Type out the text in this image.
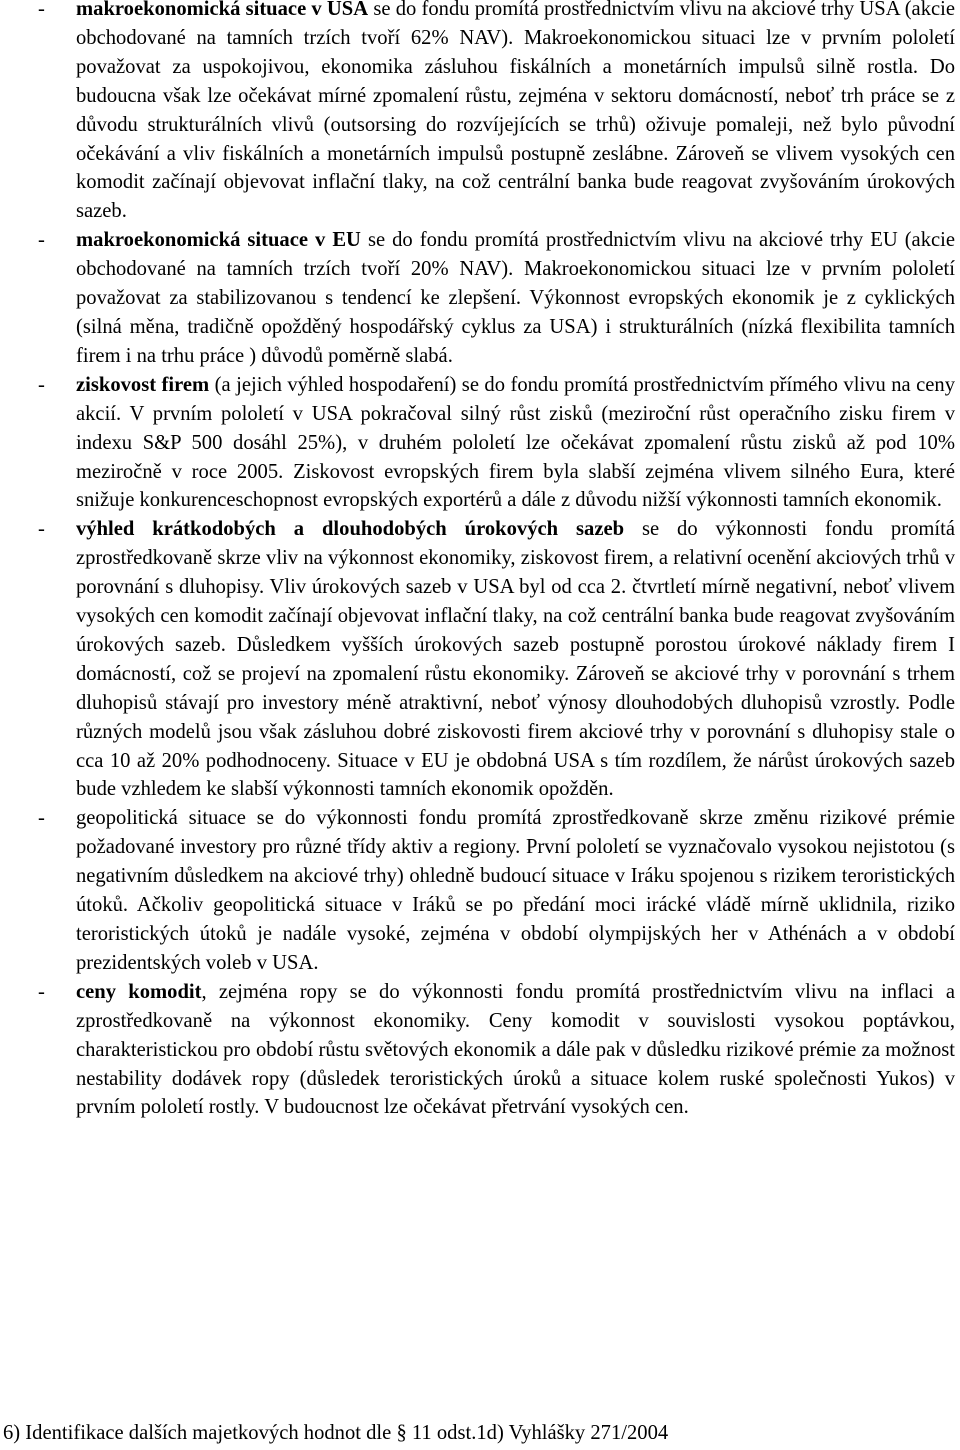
- makroekonomická situace v USA se do fondu promítá prostřednictvím vlivu na akciové trhy USA (akcie obchodované na tamních trzích tvoří 62% NAV). Makroekonomickou situaci lze v prvním pololetí považovat za uspokojivou, ekonomika zásluhou fiskálních a monetárních impulsů silně rostla. Do budoucna však lze očekávat mírné zpomalení růstu, zejména v sektoru domácností, neboť trh práce se z důvodu strukturálních vlivů (outsorsing do rozvíjejících se trhů) oživuje pomaleji, než bylo původní očekávání a vliv fiskálních a monetárních impulsů postupně zeslábne. Zároveň se vlivem vysokých cen komodit začínají objevovat inflační tlaky, na což centrální banka bude reagovat zvyšováním úrokových sazeb.
- makroekonomická situace v EU se do fondu promítá prostřednictvím vlivu na akciové trhy EU (akcie obchodované na tamních trzích tvoří 20% NAV). Makroekonomickou situaci lze v prvním pololetí považovat za stabilizovanou s tendencí ke zlepšení. Výkonnost evropských ekonomik je z cyklických (silná měna, tradičně opožděný hospodářský cyklus za USA) i strukturálních (nízká flexibilita tamních firem i na trhu práce ) důvodů poměrně slabá.
- ziskovost firem (a jejich výhled hospodaření) se do fondu promítá prostřednictvím přímého vlivu na ceny akcií. V prvním pololetí v USA pokračoval silný růst zisků (meziroční růst operačního zisku firem v indexu S&P 500 dosáhl 25%), v druhém pololetí lze očekávat zpomalení růstu zisků až pod 10% meziročně v roce 2005. Ziskovost evropských firem byla slabší zejména vlivem silného Eura, které snižuje konkurenceschopnost evropských exportérů a dále z důvodu nižší výkonnosti tamních ekonomik.
- výhled krátkodobých a dlouhodobých úrokových sazeb se do výkonnosti fondu promítá zprostředkovaně skrze vliv na výkonnost ekonomiky, ziskovost firem, a relativní ocenění akciových trhů v porovnání s dluhopisy. Vliv úrokových sazeb v USA byl od cca 2. čtvrtletí mírně negativní, neboť vlivem vysokých cen komodit začínají objevovat inflační tlaky, na což centrální banka bude reagovat zvyšováním úrokových sazeb. Důsledkem vyšších úrokových sazeb postupně porostou úrokové náklady firem I domácností, což se projeví na zpomalení růstu ekonomiky. Zároveň se akciové trhy v porovnání s trhem dluhopisů stávají pro investory méně atraktivní, neboť výnosy dlouhodobých dluhopisů vzrostly. Podle různých modelů jsou však zásluhou dobré ziskovosti firem akciové trhy v porovnání s dluhopisy stale o cca 10 až 20% podhodnoceny. Situace v EU je obdobná USA s tím rozdílem, že nárůst úrokových sazeb bude vzhledem ke slabší výkonnosti tamních ekonomik opožděn.
- geopolitická situace se do výkonnosti fondu promítá zprostředkovaně skrze změnu rizikové prémie požadované investory pro různé třídy aktiv a regiony. První pololetí se vyznačovalo vysokou nejistotou (s negativním důsledkem na akciové trhy) ohledně budoucí situace v Iráku spojenou s rizikem teroristických útoků. Ačkoliv geopolitická situace v Iráků se po předání moci irácké vládě mírně uklidnila, riziko teroristických útoků je nadále vysoké, zejména v období olympijských her v Athénách a v období prezidentských voleb v USA.
- ceny komodit, zejména ropy se do výkonnosti fondu promítá prostřednictvím vlivu na inflaci a zprostředkovaně na výkonnost ekonomiky. Ceny komodit v souvislosti vysokou poptávkou, charakteristickou pro období růstu světových ekonomik a dále pak v důsledku rizikové prémie za možnost nestability dodávek ropy (důsledek teroristických úroků a situace kolem ruské společnosti Yukos) v prvním pololetí rostly. V budoucnost lze očekávat přetrvání vysokých cen.
6) Identifikace dalších majetkových hodnot dle § 11 odst.1d) Vyhlášky 271/2004
